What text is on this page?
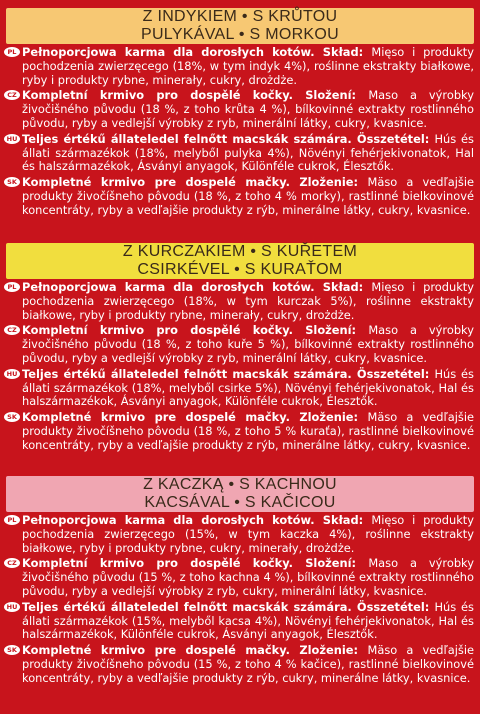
Z INDYKIEM • S KRŮTOU
PULYKÁVAL • S MORKOU
PL Pełnoporcjowa karma dla dorosłych kotów. Skład: Mięso i produkty pochodzenia zwierzęcego (18%, w tym indyk 4%), roślinne ekstrakty białkowe, ryby i produkty rybne, minerały, cukry, drożdże.
CZ Kompletní krmivo pro dospělé kočky. Složení: Maso a výrobky živočišného původu (18 %, z toho krůta 4 %), bílkovinné extrakty rostlinného původu, ryby a vedlejší výrobky z ryb, minerální látky, cukry, kvasnice.
HU Teljes értékű állateledel felnőtt macskák számára. Összetétel: Hús és állati származékok (18%, melyből pulyka 4%), Növényi fehérjekivonatok, Hal és halszármazékok, Ásványi anyagok, Különféle cukrok, Élesztők.
SK Kompletné krmivo pre dospelé mačky. Zloženie: Mäso a vedľajšie produkty živočíšneho pôvodu (18 %, z toho 4 % morky), rastlinné bielkovinové koncentráty, ryby a vedľajšie produkty z rýb, minerálne látky, cukry, kvasnice.
Z KURCZAKIEM • S KUŘETEM
CSIRKÉVEL • S KURAŤOM
PL Pełnoporcjowa karma dla dorosłych kotów. Skład: Mięso i produkty pochodzenia zwierzęcego (18%, w tym kurczak 5%), roślinne ekstrakty białkowe, ryby i produkty rybne, minerały, cukry, drożdże.
CZ Kompletní krmivo pro dospělé kočky. Složení: Maso a výrobky živočišného původu (18 %, z toho kuře 5 %), bílkovinné extrakty rostlinného původu, ryby a vedlejší výrobky z ryb, minerální látky, cukry, kvasnice.
HU Teljes értékű állateledel felnőtt macskák számára. Összetétel: Hús és állati származékok (18%, melyből csirke 5%), Növényi fehérjekivonatok, Hal és halszármazékok, Ásványi anyagok, Különféle cukrok, Élesztők.
SK Kompletné krmivo pre dospelé mačky. Zloženie: Mäso a vedľajšie produkty živočíšneho pôvodu (18 %, z toho 5 % kuraťa), rastlinné bielkovinové koncentráty, ryby a vedľajšie produkty z rýb, minerálne látky, cukry, kvasnice.
Z KACZKĄ • S KACHNOU
KACSÁVAL • S KAČICOU
PL Pełnoporcjowa karma dla dorosłych kotów. Skład: Mięso i produkty pochodzenia zwierzęcego (15%, w tym kaczka 4%), roślinne ekstrakty białkowe, ryby i produkty rybne, cukry, minerały, drożdże.
CZ Kompletní krmivo pro dospělé kočky. Složení: Maso a výrobky živočišného původu (15 %, z toho kachna 4 %), bílkovinné extrakty rostlinného původu, ryby a vedlejší výrobky z ryb, cukry, minerální látky, kvasnice.
HU Teljes értékű állateledel felnőtt macskák számára. Összetétel: Hús és állati származékok (15%, melyből kacsa 4%), Növényi fehérjekivonatok, Hal és halszármazékok, Különféle cukrok, Ásványi anyagok, Élesztők.
SK Kompletné krmivo pre dospelé mačky. Zloženie: Mäso a vedľajšie produkty živočíšneho pôvodu (15 %, z toho 4 % kačice), rastlinné bielkovinové koncentráty, ryby a vedľajšie produkty z rýb, cukry, minerálne látky, kvasnice.
